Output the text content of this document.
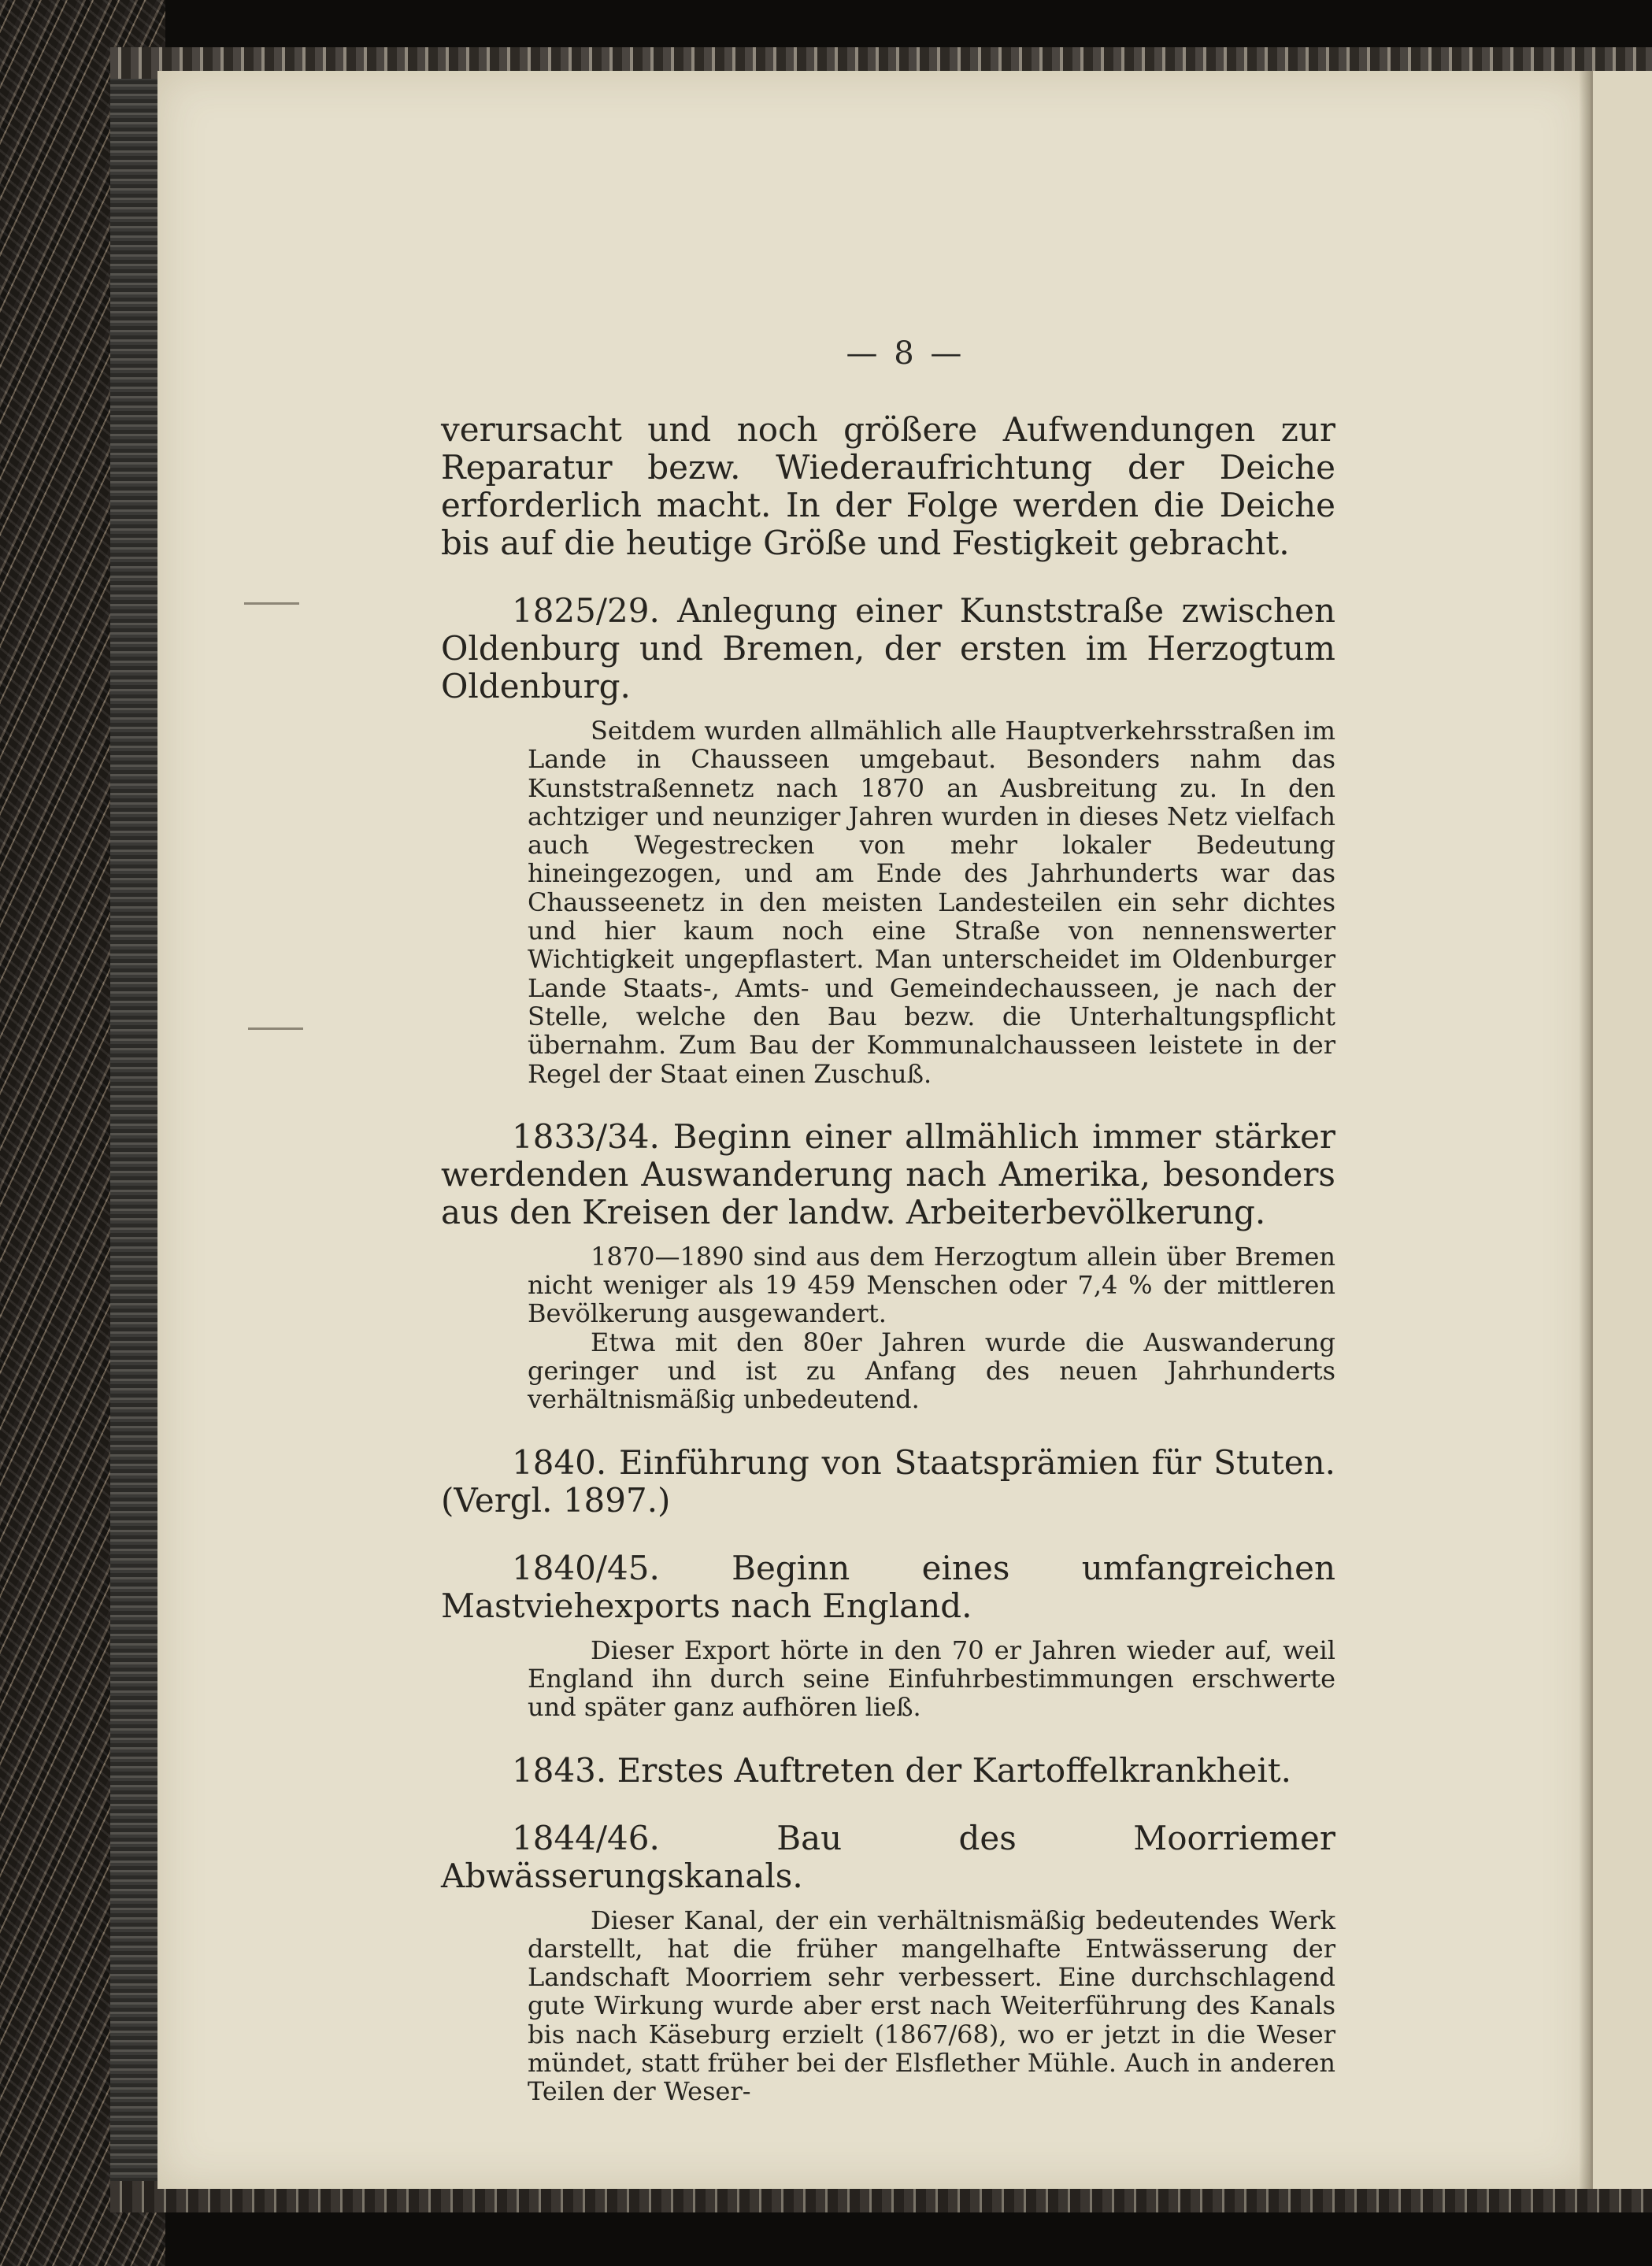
— 8 —

verursacht und noch größere Aufwendungen zur Reparatur bezw. Wiederaufrichtung der Deiche erforderlich macht. In der Folge werden die Deiche bis auf die heutige Größe und Festigkeit gebracht.

1825/29. Anlegung einer Kunststraße zwischen Oldenburg und Bremen, der ersten im Herzogtum Oldenburg.

Seitdem wurden allmählich alle Hauptverkehrsstraßen im Lande in Chausseen umgebaut. Besonders nahm das Kunststraßennetz nach 1870 an Ausbreitung zu. In den achtziger und neunziger Jahren wurden in dieses Netz vielfach auch Wegestrecken von mehr lokaler Bedeutung hineingezogen, und am Ende des Jahrhunderts war das Chausseenetz in den meisten Landesteilen ein sehr dichtes und hier kaum noch eine Straße von nennenswerter Wichtigkeit ungepflastert. Man unterscheidet im Oldenburger Lande Staats-, Amts- und Gemeindechausseen, je nach der Stelle, welche den Bau bezw. die Unterhaltungspflicht übernahm. Zum Bau der Kommunalchausseen leistete in der Regel der Staat einen Zuschuß.

1833/34. Beginn einer allmählich immer stärker werdenden Auswanderung nach Amerika, besonders aus den Kreisen der landw. Arbeiterbevölkerung.

1870—1890 sind aus dem Herzogtum allein über Bremen nicht weniger als 19 459 Menschen oder 7,4 % der mittleren Bevölkerung ausgewandert.

Etwa mit den 80er Jahren wurde die Auswanderung geringer und ist zu Anfang des neuen Jahrhunderts verhältnismäßig unbedeutend.

1840. Einführung von Staatsprämien für Stuten. (Vergl. 1897.)

1840/45. Beginn eines umfangreichen Mastviehexports nach England.

Dieser Export hörte in den 70 er Jahren wieder auf, weil England ihn durch seine Einfuhrbestimmungen erschwerte und später ganz aufhören ließ.

1843. Erstes Auftreten der Kartoffelkrankheit.

1844/46. Bau des Moorriemer Abwässerungskanals.

Dieser Kanal, der ein verhältnismäßig bedeutendes Werk darstellt, hat die früher mangelhafte Entwässerung der Landschaft Moorriem sehr verbessert. Eine durchschlagend gute Wirkung wurde aber erst nach Weiterführung des Kanals bis nach Käseburg erzielt (1867/68), wo er jetzt in die Weser mündet, statt früher bei der Elsflether Mühle. Auch in anderen Teilen der Weser-
